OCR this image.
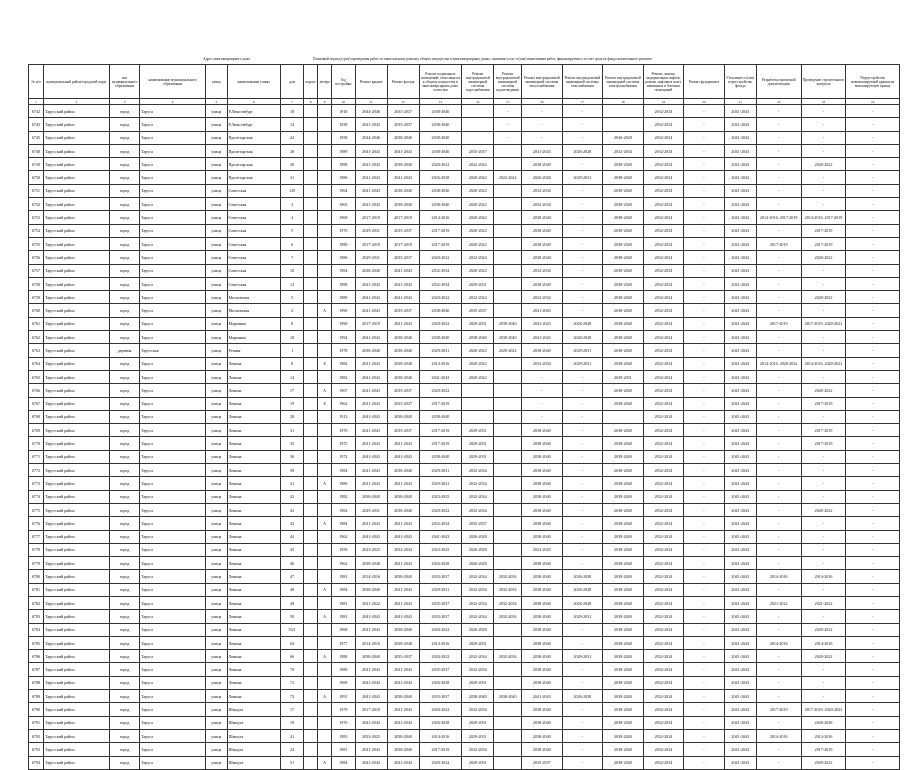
Адрес многоквартирного дома	Плановый период (срок) проведения работ по капитальному ремонту общего имущества в многоквартирных домах, оказания услуг и (или) выполнения работ, финансируемого за счет средств фонда капитального ремонта
№ п/п	муниципальный район/городской округ	тип муниципального образования	наименование муниципального образования	улица	наименование улицы	дом	корпус	литера	Год постройки	Ремонт крыши	Ремонт фасада	Ремонт подвальных помещений, относящихся к общему имуществу в многоквартирном доме, отмостки	Ремонт внутридомовой инженерной системы водоснабжения	Ремонт внутридомовой инженерной системы водоотведения	Ремонт внутридомовой инженерной системы теплоснабжения	Ремонт внутридомовой инженерной системы газоснабжения	Ремонт внутридомовой инженерной системы электроснабжения	Ремонт, замена, модернизация лифтов, ремонт лифтовых шахт, машинных и блочных помещений	Ремонт фундамента	Утепление и (или) переустройство фасада	Разработка проектной документации	Проведение строительного контроля	Переустройство невентилируемой крыши на вентилируемую крышу
1	2	3	4	5	6	7	8	9	10	11	12	13	14	15	16	17	18	19	20	21	22	23	24
6742	Тарусский район	город	Таруса	улица	Р.Люксембург	18			1918	2044-2046	2035-2037	2038-2040		-	-	-		2032-2034	-	2041-2043	-	-	-
6743	Тарусский район	город	Таруса	улица	Р.Люксембург	14			1938	2041-2043	2035-2037	2038-2040		-	-	-		2032-2034	-	2041-2043	-	-	-
6745	Тарусский район	город	Таруса	улица	Пролетарская	22			1958	2044-2046	2038-2040	2038-2040		-	-	-	2026-2028	2032-2034	-	2041-2043	-	-	-
6748	Тарусский район	город	Таруса	улица	Пролетарская	28			1989	2041-2043	2041-2043	2038-2040	2035-2037		2041-2043	2026-2028	2032-2034	2032-2034	-	2041-2043	-	-	-
6749	Тарусский район	город	Таруса	улица	Пролетарская	30			1988	2041-2043	2038-2040	2020-2022	2022-2024		2038-2040	-	2038-2040	2032-2034	-	2041-2043	-	2020-2022	-
6750	Тарусский район	город	Таруса	улица	Пролетарская	31			1986	2041-2043	2041-2043	2026-2028	2020-2022	2022-2024	2026-2028	2029-2031	2038-2040	2032-2034	-	2041-2043	-	-	-
6751	Тарусский район	город	Таруса	улица	Советская	129			1964	2041-2043	2038-2040	2038-2040	2020-2022		2032-2034	-	2038-2040	2032-2034	-	2041-2043	-	-	-
6752	Тарусский район	город	Таруса	улица	Советская	3			1965	2041-2043	2038-2040	2038-2040	2020-2022		2032-2034	-	2038-2040	2032-2034	-	2041-2043	-	-	-
6753	Тарусский район	город	Таруса	улица	Советская	4			1969	2017-2019	2017-2019	2014-2016	2020-2022		2038-2040	-	2038-2040	2032-2034	-	2041-2043	2014-2016, 2017-2019	2014-2016, 2017-2019	-
6754	Тарусский район	город	Таруса	улица	Советская	5			1970	2029-2031	2035-2037	2017-2019	2020-2022		2038-2040	-	2038-2040	2032-2034	-	2041-2043	-	2017-2019	-
6755	Тарусский район	город	Таруса	улица	Советская	6			1980	2017-2019	2017-2019	2017-2019	2020-2022		2038-2040	-	2038-2040	2032-2034	-	2041-2043	2017-2019	2017-2019	-
6756	Тарусский район	город	Таруса	улица	Советская	7			1986	2029-2031	2035-2037	2020-2022	2022-2024		2038-2040	-	2038-2040	2032-2034	-	2041-2043	-	2020-2022	-
6757	Тарусский район	город	Таруса	улица	Советская	10			1984	2038-2040	2041-2043	2032-2034	2020-2022		2032-2034	-	2038-2040	2032-2034	-	2041-2043	-	-	-
6758	Тарусский район	город	Таруса	улица	Советская	12			1988	2041-2043	2041-2043	2032-2034	2029-2031		2038-2040	-	2038-2040	2032-2034	-	2041-2043	-	-	-
6759	Тарусский район	город	Таруса	улица	Московская	5			1989	2041-2043	2041-2043	2020-2022	2022-2024		2032-2034	-	2038-2040	2032-2034	-	2041-2043	-	2020-2022	-
6760	Тарусский район	город	Таруса	улица	Московская	2		А	1990	2041-2043	2035-2037	2038-2040	2035-2037		2041-2043	-	2038-2040	2032-2034	-	2041-2043	-	-	-
6761	Тарусский район	город	Таруса	улица	Марьинка	8			1990	2017-2019	2041-2043	2020-2022	2029-2031	2038-2040	2041-2043	2026-2028	2038-2040	2032-2034	-	2041-2043	2017-2019	2017-2019, 2020-2022	-
6762	Тарусский район	город	Таруса	улица	Марьинка	10			1994	2041-2043	2038-2040	2038-2040	2038-2040	2038-2040	2041-2043	2026-2028	2038-2040	2032-2034	-	2041-2043	-	-	-
6763	Тарусский район	деревня	Тарусская	улица	Речная	1			1978	2038-2040	2038-2040	2029-2031	2020-2022	2020-2022	2038-2040	2029-2031	2038-2040	2032-2034	-	2041-2043	-	-	-
6764	Тарусский район	город	Таруса	улица	Ленина	8		Б	1982	2041-2043	2038-2040	2014-2016	2020-2022		2032-2034	2029-2031	2038-2040	2032-2034	-	2041-2043	2014-2016, 2020-2022	2014-2016, 2020-2022	-
6765	Тарусский район	город	Таруса	улица	Ленина	14			1982	2041-2043	2038-2040	2041-2043	2020-2022		-	-	2029-2031	2032-2034	-	2041-2043	-	-	-
6766	Тарусский район	город	Таруса	улица	Ленина	17		А	1967	2041-2043	2035-2037	2020-2022			-	-	2038-2040	2032-2034	-	2041-2043	-	2020-2022	-
6767	Тарусский район	город	Таруса	улица	Ленина	19		Б	1962	2041-2043	2035-2037	2017-2019			-	-	2038-2040	2032-2034	-	2041-2043	-	2017-2019	-
6768	Тарусский район	город	Таруса	улица	Ленина	28			1913	2041-2043	2038-2040	2038-2040			-	-		2032-2034	-	2041-2043	-	-	-
6769	Тарусский район	город	Таруса	улица	Ленина	31			1970	2041-2043	2035-2037	2017-2019	2029-2031		2038-2040	-	2038-2040	2032-2034	-	2041-2043	-	2017-2019	-
6770	Тарусский район	город	Таруса	улица	Ленина	35			1975	2041-2043	2041-2043	2017-2019	2029-2031		2038-2040	-	2038-2040	2032-2034	-	2041-2043	-	2017-2019	-
6771	Тарусский район	город	Таруса	улица	Ленина	36			1972	2041-2043	2041-2043	2038-2040	2029-2031		2038-2040	-	2038-2040	2032-2034	-	2041-2043	-	-	-
6772	Тарусский район	город	Таруса	улица	Ленина	39			1984	2041-2043	2038-2040	2029-2031	2032-2034		2038-2040	-	2038-2040	2032-2034	-	2041-2043	-	-	-
6773	Тарусский район	город	Таруса	улица	Ленина	41		А	1989	2041-2043	2041-2043	2029-2031	2032-2034		2038-2040	-	2038-2040	2032-2034	-	2041-2043	-	-	-
6774	Тарусский район	город	Таруса	улица	Ленина	42			1982	2038-2040	2038-2040	2023-2025	2032-2034		2038-2040	-	2038-2040	2032-2034	-	2041-2043	-	-	-
6775	Тарусский район	город	Таруса	улица	Ленина	43			1982	2029-2031	2038-2040	2020-2022	2032-2034		2038-2040	-	2038-2040	2032-2034	-	2041-2043	-	2020-2022	-
6776	Тарусский район	город	Таруса	улица	Ленина	43		А	1984	2041-2043	2041-2043	2032-2034	2035-2037		2038-2040	-	2038-2040	2032-2034	-	2041-2043	-	-	-
6777	Тарусский район	город	Таруса	улица	Ленина	44			1962	2041-2043	2041-2043	2041-2043	2026-2028		2038-2040	-	2038-2040	2032-2034	-	2041-2043	-	-	-
6778	Тарусский район	город	Таруса	улица	Ленина	45			1959	2023-2025	2032-2034	2023-2025	2026-2028		2023-2025	-	2038-2040	2032-2034	-	2041-2043	-	-	-
6779	Тарусский район	город	Таруса	улица	Ленина	46			1962	2038-2040	2041-2043	2026-2028	2026-2028		2038-2040	-	2038-2040	2032-2034	-	2041-2043	-	-	-
6780	Тарусский район	город	Таруса	улица	Ленина	47			1981	2014-2016	2038-2040	2035-2037	2032-2034	2032-2034	2038-2040	2026-2028	2038-2040	2032-2034	-	2041-2043	2014-2016	2014-2016	-
6781	Тарусский район	город	Таруса	улица	Ленина	48		А	1984	2038-2040	2041-2043	2029-2031	2032-2034	2032-2034	2038-2040	2026-2028	2038-2040	2032-2034	-	2041-2043	-	-	-
6782	Тарусский район	город	Таруса	улица	Ленина	49			1981	2021-2022	2041-2043	2035-2037	2032-2034	2032-2034	2038-2040	2026-2028	2038-2040	2032-2034	-	2041-2043	2021-2022	2021-2022	-
6783	Тарусский район	город	Таруса	улица	Ленина	50		А	1981	2041-2043	2041-2043	2035-2037	2032-2034	2032-2034	2038-2040	2029-2031	2038-2040	2032-2034	-	2041-2043	-	-	-
6784	Тарусский район	город	Таруса	улица	Ленина	53/1			1968	2041-2043	2038-2040	2020-2022	2026-2028		2038-2040	-	2038-2040	2032-2034	-	2041-2043	-	2020-2022	-
6785	Тарусский район	город	Таруса	улица	Ленина	64			1977	2014-2016	2038-2040	2014-2016	2029-2031		2038-2040	-	2038-2040	2032-2034	-	2041-2043	2014-2016	2014-2016	-
6786	Тарусский район	город	Таруса	улица	Ленина	66		А	1988	2038-2040	2035-2037	2020-2022	2032-2034	2032-2034	2038-2040	2029-2031	2038-2040	2032-2034	-	2041-2043	-	2020-2022	-
6787	Тарусский район	город	Таруса	улица	Ленина	70			1989	2041-2043	2041-2043	2035-2037	2032-2034		2038-2040	-	2038-2040	2032-2034	-	2041-2043	-	-	-
6788	Тарусский район	город	Таруса	улица	Ленина	72			1969	2041-2043	2041-2043	2026-2028	2029-2031		2038-2040	-	2038-2040	2032-2034	-	2041-2043	-	-	-
6789	Тарусский район	город	Таруса	улица	Ленина	72		А	1991	2041-2043	2038-2040	2035-2037	2038-2040	2038-2040	2041-2043	2026-2028	2038-2040	2032-2034	-	2041-2043	-	-	-
6790	Тарусский район	город	Таруса	улица	Шмидта	17			1979	2017-2019	2041-2043	2020-2022	2032-2034		2038-2040	-	2038-2040	2032-2034	-	2041-2043	2017-2019	2017-2019, 2020-2022	-
6791	Тарусский район	город	Таруса	улица	Шмидта	19			1970	2041-2043	2041-2043	2026-2028	2029-2031		2038-2040	-	2038-2040	2032-2034	-	2041-2043	-	2026-2028	-
6792	Тарусский район	город	Таруса	улица	Шмидта	41			1983	2023-2025	2038-2040	2014-2016	2029-2031		2038-2040	-	2038-2040	2032-2034	-	2041-2043	2014-2016	2014-2016	-
6793	Тарусский район	город	Таруса	улица	Шмидта	24			1981	2041-2043	2038-2040	2017-2019	2032-2034		2038-2040	-	2038-2040	2032-2034	-	2041-2043	-	2017-2019	-
6794	Тарусский район	город	Таруса	улица	Шмидта	51		А	1984	2041-2043	2041-2043	2020-2022	2029-2031		2035-2037	-	2038-2040	2032-2034	-	2041-2043	-	2020-2022	-
